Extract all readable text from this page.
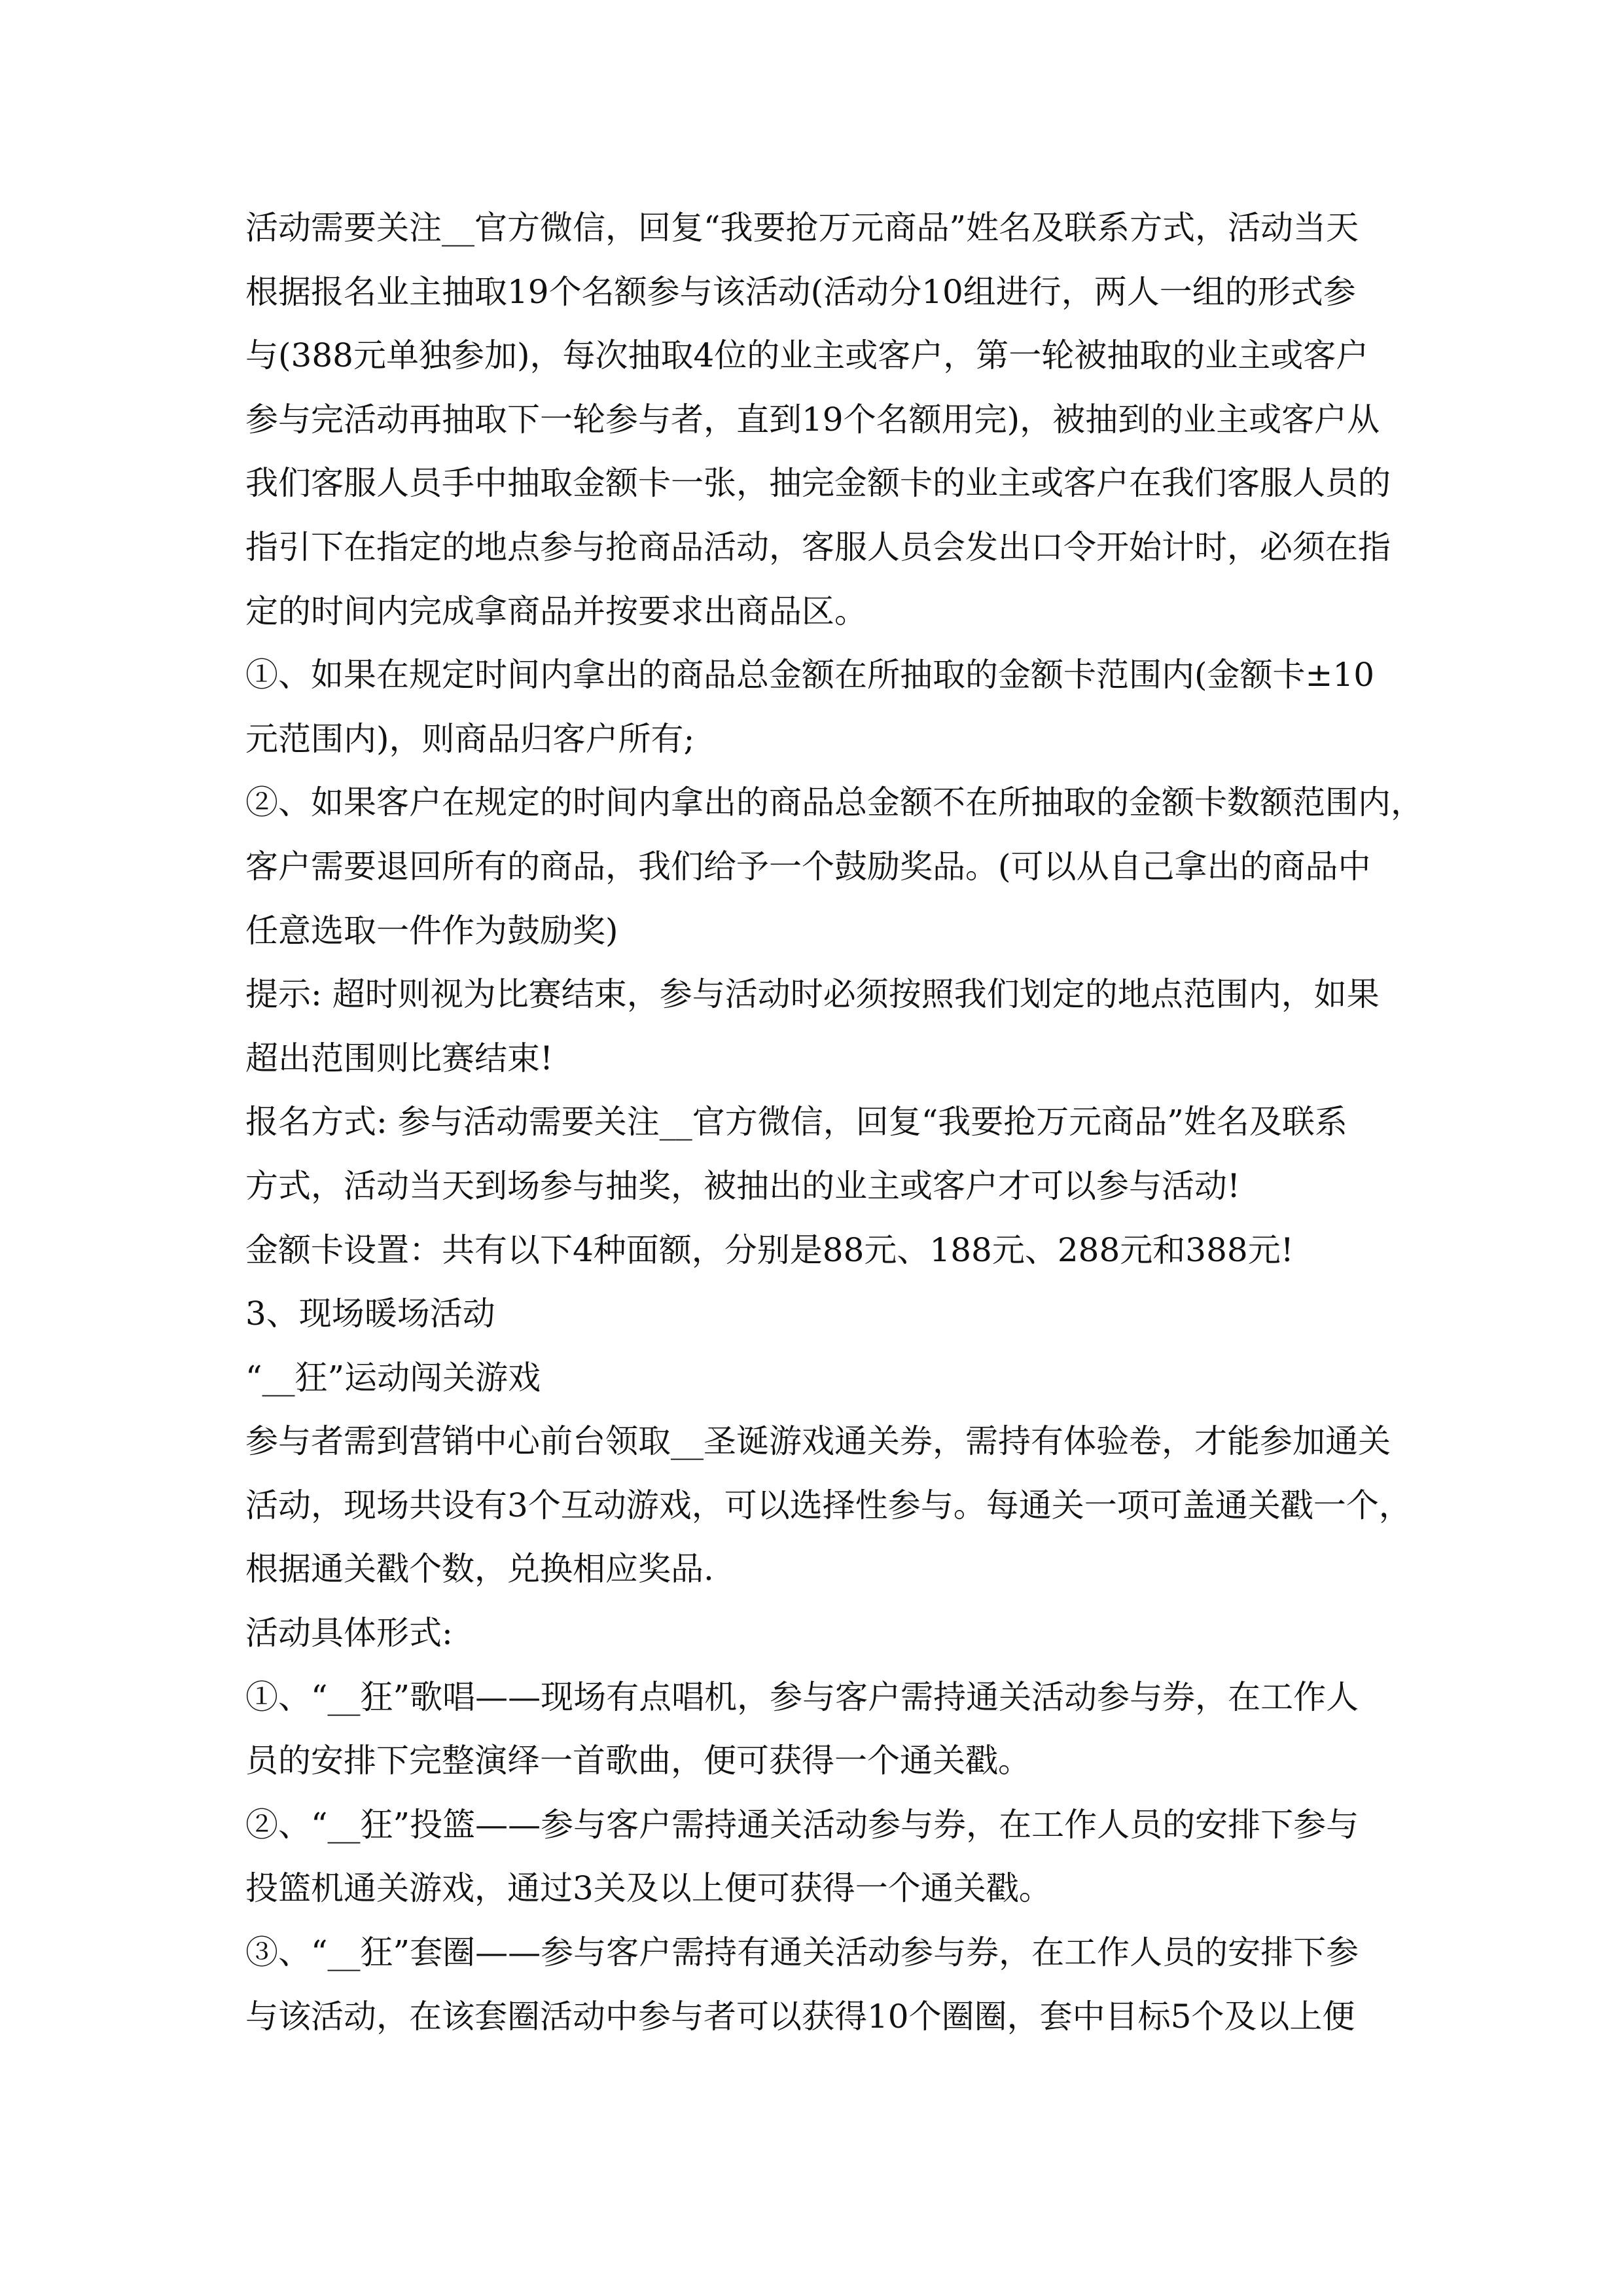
活动需要关注__官方微信，回复“我要抢万元商品”姓名及联系方式，活动当天
根据报名业主抽取19个名额参与该活动(活动分10组进行，两人一组的形式参
与(388元单独参加)，每次抽取4位的业主或客户，第一轮被抽取的业主或客户
参与完活动再抽取下一轮参与者，直到19个名额用完)，被抽到的业主或客户从
我们客服人员手中抽取金额卡一张，抽完金额卡的业主或客户在我们客服人员的
指引下在指定的地点参与抢商品活动，客服人员会发出口令开始计时，必须在指
定的时间内完成拿商品并按要求出商品区。
①、如果在规定时间内拿出的商品总金额在所抽取的金额卡范围内(金额卡±10
元范围内)，则商品归客户所有;
②、如果客户在规定的时间内拿出的商品总金额不在所抽取的金额卡数额范围内，
客户需要退回所有的商品，我们给予一个鼓励奖品。(可以从自己拿出的商品中
任意选取一件作为鼓励奖)
提示: 超时则视为比赛结束，参与活动时必须按照我们划定的地点范围内，如果
超出范围则比赛结束!
报名方式: 参与活动需要关注__官方微信，回复“我要抢万元商品”姓名及联系
方式，活动当天到场参与抽奖，被抽出的业主或客户才可以参与活动!
金额卡设置：共有以下4种面额，分别是88元、188元、288元和388元!
3、现场暖场活动
“__狂”运动闯关游戏
参与者需到营销中心前台领取__圣诞游戏通关券，需持有体验卷，才能参加通关
活动，现场共设有3个互动游戏，可以选择性参与。每通关一项可盖通关戳一个，
根据通关戳个数，兑换相应奖品.
活动具体形式:
①、“__狂”歌唱——现场有点唱机，参与客户需持通关活动参与券，在工作人
员的安排下完整演绎一首歌曲，便可获得一个通关戳。
②、“__狂”投篮——参与客户需持通关活动参与券，在工作人员的安排下参与
投篮机通关游戏，通过3关及以上便可获得一个通关戳。
③、“__狂”套圈——参与客户需持有通关活动参与券，在工作人员的安排下参
与该活动，在该套圈活动中参与者可以获得10个圈圈，套中目标5个及以上便
